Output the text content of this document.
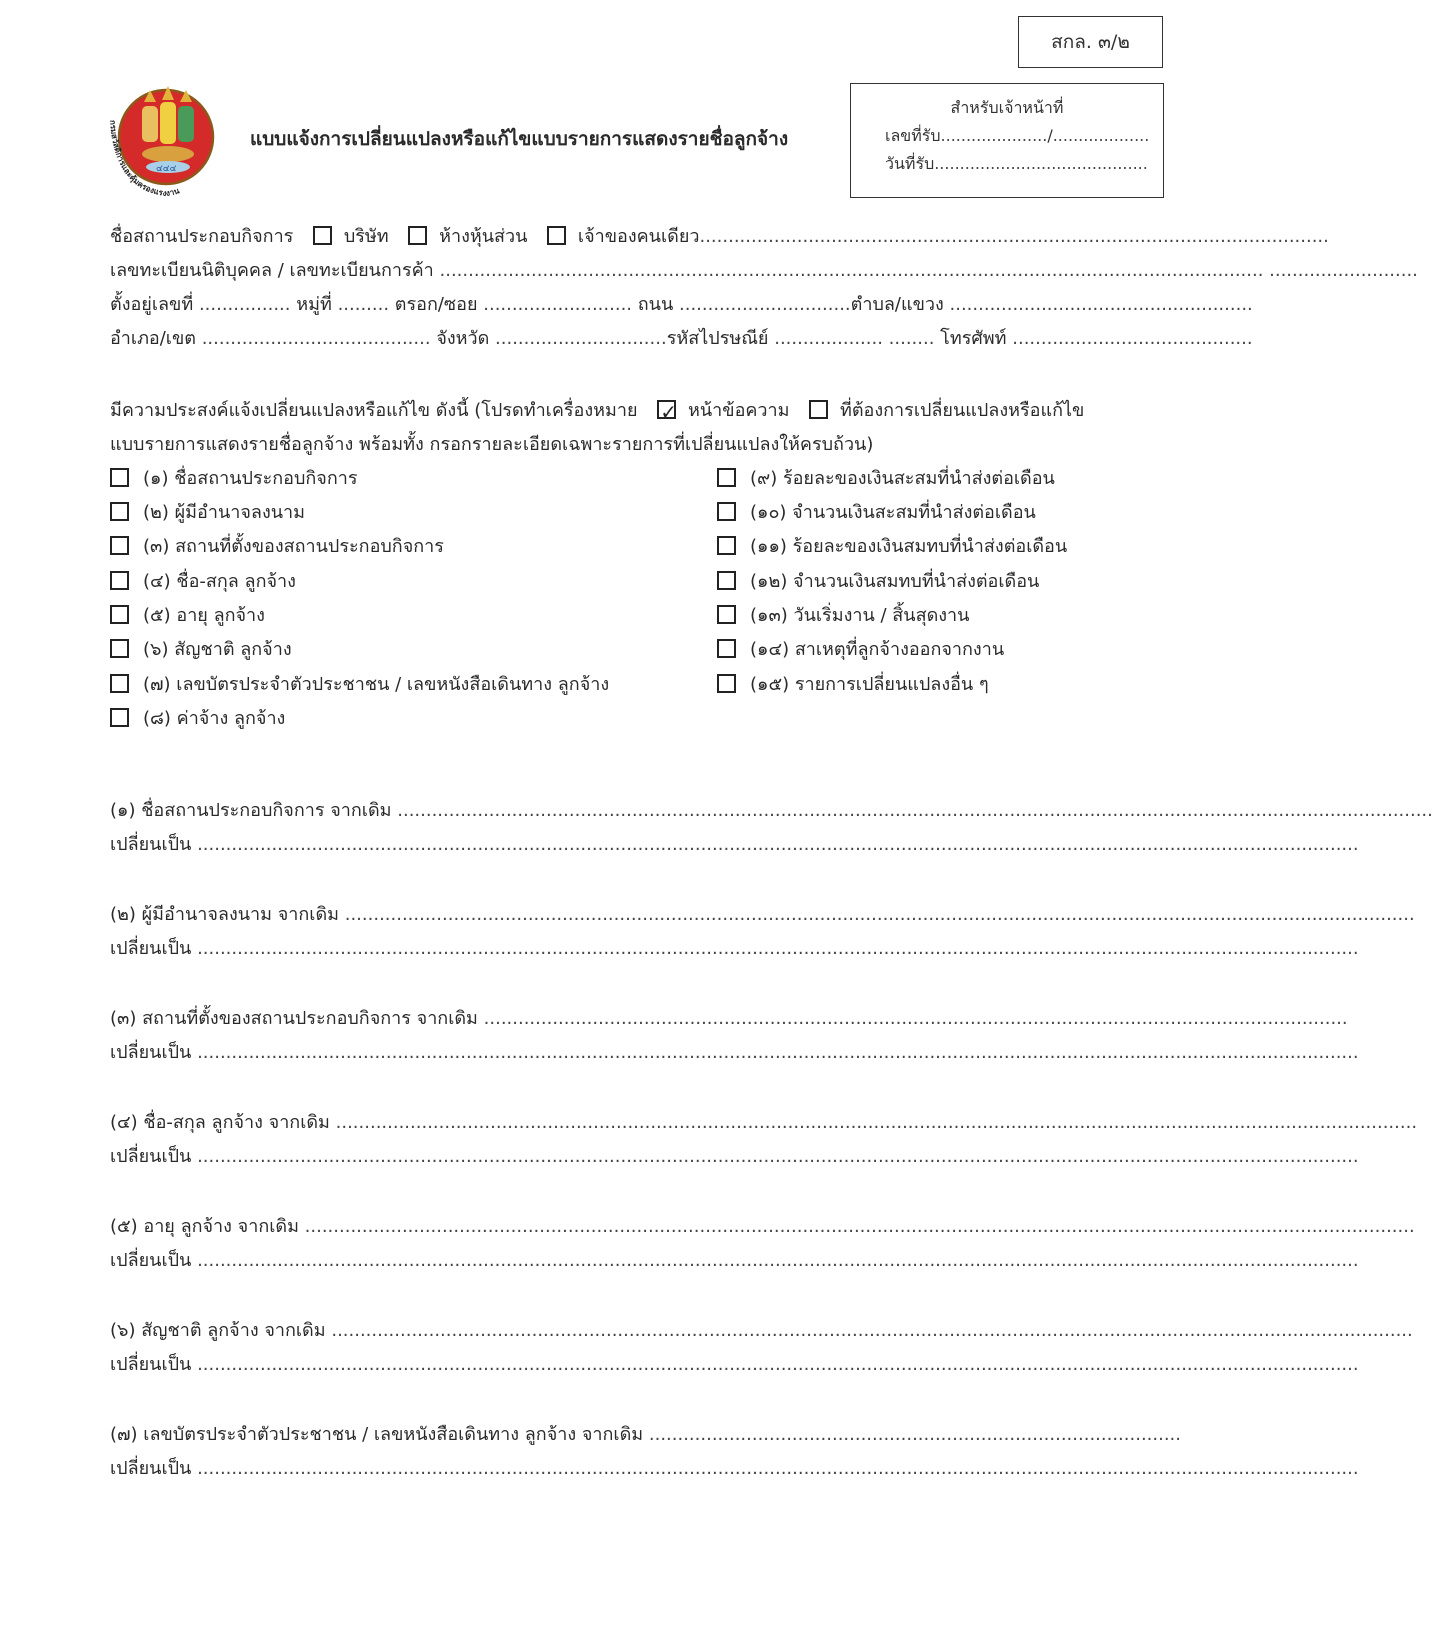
สกล. ๓/๒
สำหรับเจ้าหน้าที่
เลขที่รับ...................../...................
วันที่รับ..........................................
๔๔๔
กรมสวัสดิการและคุ้มครองแรงงาน
แบบแจ้งการเปลี่ยนแปลงหรือแก้ไขแบบรายการแสดงรายชื่อลูกจ้าง
ชื่อสถานประกอบกิจการ	บริษัท	ห้างหุ้นส่วน	เจ้าของคนเดียว..............................................................................................................
เลขทะเบียนนิติบุคคล / เลขทะเบียนการค้า ................................................................................................................................................ ..........................
ตั้งอยู่เลขที่ ................ หมู่ที่ ......... ตรอก/ซอย .......................... ถนน ..............................ตำบล/แขวง .....................................................
อำเภอ/เขต ........................................ จังหวัด ..............................รหัสไปรษณีย์ ................... ........ โทรศัพท์ ..........................................
มีความประสงค์แจ้งเปลี่ยนแปลงหรือแก้ไข ดังนี้ (โปรดทำเครื่องหมาย ✓	หน้าข้อความ	ที่ต้องการเปลี่ยนแปลงหรือแก้ไข
แบบรายการแสดงรายชื่อลูกจ้าง พร้อมทั้ง กรอกรายละเอียดเฉพาะรายการที่เปลี่ยนแปลงให้ครบถ้วน)
(๑) ชื่อสถานประกอบกิจการ
(๒) ผู้มีอำนาจลงนาม
(๓) สถานที่ตั้งของสถานประกอบกิจการ
(๔) ชื่อ-สกุล ลูกจ้าง
(๕) อายุ ลูกจ้าง
(๖) สัญชาติ ลูกจ้าง
(๗) เลขบัตรประจำตัวประชาชน / เลขหนังสือเดินทาง ลูกจ้าง
(๘) ค่าจ้าง ลูกจ้าง
(๙) ร้อยละของเงินสะสมที่นำส่งต่อเดือน
(๑๐) จำนวนเงินสะสมที่นำส่งต่อเดือน
(๑๑) ร้อยละของเงินสมทบที่นำส่งต่อเดือน
(๑๒) จำนวนเงินสมทบที่นำส่งต่อเดือน
(๑๓) วันเริ่มงาน / สิ้นสุดงาน
(๑๔) สาเหตุที่ลูกจ้างออกจากงาน
(๑๕) รายการเปลี่ยนแปลงอื่น ๆ
(๑) ชื่อสถานประกอบกิจการ จากเดิม .....................................................................................................................................................................................
เปลี่ยนเป็น ...........................................................................................................................................................................................................
(๒) ผู้มีอำนาจลงนาม จากเดิม ...........................................................................................................................................................................................
เปลี่ยนเป็น ...........................................................................................................................................................................................................
(๓) สถานที่ตั้งของสถานประกอบกิจการ จากเดิม .......................................................................................................................................................
เปลี่ยนเป็น ...........................................................................................................................................................................................................
(๔) ชื่อ-สกุล ลูกจ้าง จากเดิม .............................................................................................................................................................................................
เปลี่ยนเป็น ...........................................................................................................................................................................................................
(๕) อายุ ลูกจ้าง จากเดิม ..................................................................................................................................................................................................
เปลี่ยนเป็น ...........................................................................................................................................................................................................
(๖) สัญชาติ ลูกจ้าง จากเดิม .............................................................................................................................................................................................
เปลี่ยนเป็น ...........................................................................................................................................................................................................
(๗) เลขบัตรประจำตัวประชาชน / เลขหนังสือเดินทาง ลูกจ้าง จากเดิม .............................................................................................
เปลี่ยนเป็น ...........................................................................................................................................................................................................
